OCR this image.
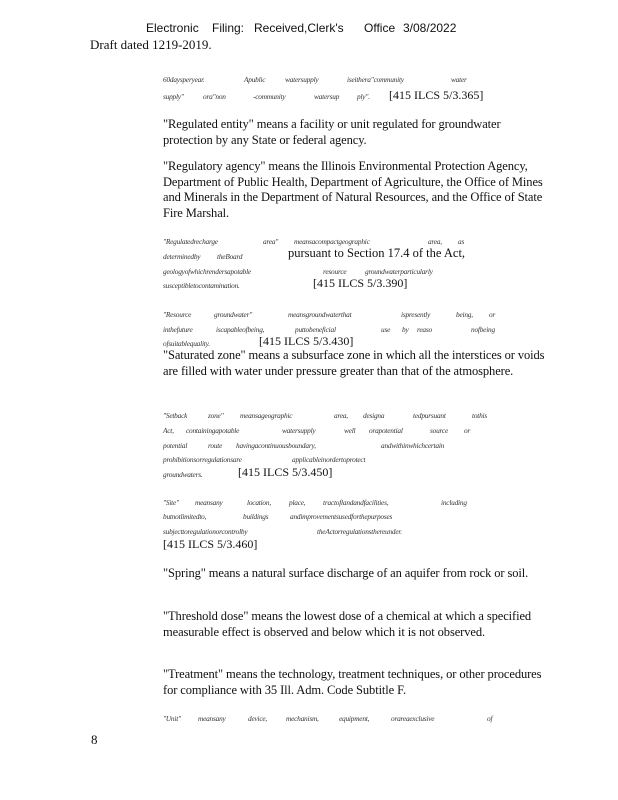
Electronic Filing: Received,Clerk's Office 3/08/2022
Draft dated 1219-2019.
60daysperyear.	Apublic	watersupply	iseithera"community	water
supply"	ora"non	-community	watersup ply". [415 ILCS 5/3.365]

"Regulated entity" means a facility or unit regulated for groundwater protection by any State or federal agency.

"Regulatory agency" means the Illinois Environmental Protection Agency, Department of Public Health, Department of Agriculture, the Office of Mines and Minerals in the Department of Natural Resources, and the Office of State Fire Marshal.

"Regulatedrecharge	area" meansacompactgeographic	area, as
determinedby theBoard	pursuant to Section 17.4 of the Act,
geologyofwhichrendersapotable	resource	groundwaterparticularly
susceptibletocontamination.	[415 ILCS 5/3.390]
"Resource	groundwater"	meansgroundwaterthat	ispresently	being, or
inthefuture	iscapableofbeing,	puttobeneficial	use by reaso	nofbeing
ofsuitablequality.	[415 ILCS 5/3.430]

"Saturated zone" means a subsurface zone in which all the interstices or voids are filled with water under pressure greater than that of the atmosphere.

"Setback	zone" meansageographic	area, designa	tedpursuant	tothis
Act, containingapotable	watersupply	well orapotential	source or
potential	route havingacontinuousboundary,	andwithinwhichcertain
prohibitionsorregulationsare	applicableinordertoprotect
groundwaters.	[415 ILCS 5/3.450]
"Site" meansany	location, place, tractoflandandfacilities,	including
butnotlimitedto,	buildings	andimprovementsusedforthepurposes
subjecttoregulationorcontrolby	theActorregulationsthereunder.
[415 ILCS 5/3.460]

"Spring" means a natural surface discharge of an aquifer from rock or soil.

"Threshold dose" means the lowest dose of a chemical at which a specified measurable effect is observed and below which it is not observed.

"Treatment" means the technology, treatment techniques, or other procedures for compliance with 35 Ill. Adm. Code Subtitle F.

"Unit" meansany	device,	mechanism,	equipment,	orareaexclusive	of
8
